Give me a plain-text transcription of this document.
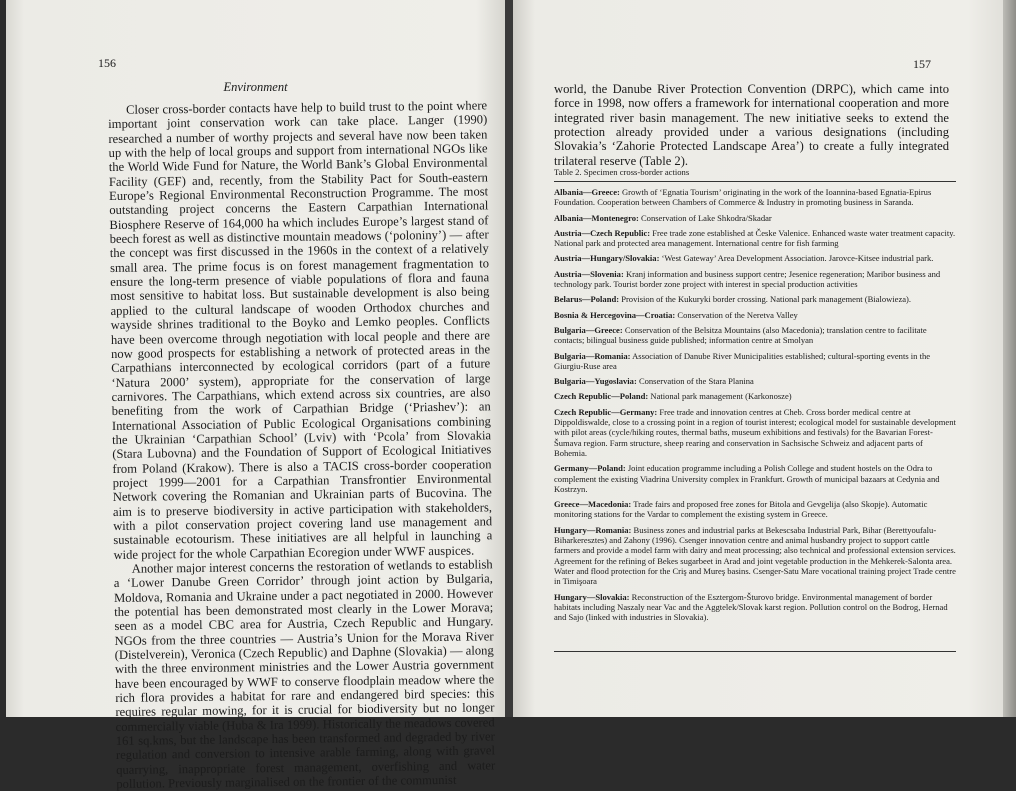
156
Environment

Closer cross-border contacts have help to build trust to the point where important joint conservation work can take place. Langer (1990) researched a number of worthy projects and several have now been taken up with the help of local groups and support from international NGOs like the World Wide Fund for Nature, the World Bank’s Global Environmental Facility (GEF) and, recently, from the Stability Pact for South-eastern Europe’s Regional Environmental Reconstruction Programme. The most outstanding project concerns the Eastern Carpathian International Biosphere Reserve of 164,000 ha which includes Europe’s largest stand of beech forest as well as distinctive mountain meadows (‘poloniny’) — after the concept was first discussed in the 1960s in the context of a relatively small area. The prime focus is on forest management fragmentation to ensure the long-term presence of viable populations of flora and fauna most sensitive to habitat loss. But sustainable development is also being applied to the cultural landscape of wooden Orthodox churches and wayside shrines traditional to the Boyko and Lemko peoples. Conflicts have been overcome through negotiation with local people and there are now good prospects for establishing a network of protected areas in the Carpathians interconnected by ecological corridors (part of a future ‘Natura 2000’ system), appropriate for the conservation of large carnivores. The Carpathians, which extend across six countries, are also benefiting from the work of Carpathian Bridge (‘Priashev’): an International Association of Public Ecological Organisations combining the Ukrainian ‘Carpathian School’ (Lviv) with ‘Pcola’ from Slovakia (Stara Lubovna) and the Foundation of Support of Ecological Initiatives from Poland (Krakow). There is also a TACIS cross-border cooperation project 1999—2001 for a Carpathian Transfrontier Environmental Network covering the Romanian and Ukrainian parts of Bucovina. The aim is to preserve biodiversity in active participation with stakeholders, with a pilot conservation project covering land use management and sustainable ecotourism. These initiatives are all helpful in launching a wide project for the whole Carpathian Ecoregion under WWF auspices.

Another major interest concerns the restoration of wetlands to establish a ‘Lower Danube Green Corridor’ through joint action by Bulgaria, Moldova, Romania and Ukraine under a pact negotiated in 2000. However the potential has been demonstrated most clearly in the Lower Morava; seen as a model CBC area for Austria, Czech Republic and Hungary. NGOs from the three countries — Austria’s Union for the Morava River (Distelverein), Veronica (Czech Republic) and Daphne (Slovakia) — along with the three environment ministries and the Lower Austria government have been encouraged by WWF to conserve floodplain meadow where the rich flora provides a habitat for rare and endangered bird species: this requires regular mowing, for it is crucial for biodiversity but no longer commercially viable (Huba & Ira 1999). Historically the meadows covered 161 sq.kms, but the landscape has been transformed and degraded by river regulation and conversion to intensive arable farming, along with gravel quarrying, inappropriate forest management, overfishing and water pollution. Previously marginalised on the frontier of the communist

157

world, the Danube River Protection Convention (DRPC), which came into force in 1998, now offers a framework for international cooperation and more integrated river basin management. The new initiative seeks to extend the protection already provided under a various designations (including Slovakia’s ‘Zahorie Protected Landscape Area’) to create a fully integrated trilateral reserve (Table 2).

Table 2. Specimen cross-border actions
Albania—Greece: Growth of ‘Egnatia Tourism’ originating in the work of the Ioannina-based Egnatia-Epirus Foundation. Cooperation between Chambers of Commerce & Industry in promoting business in Saranda.
Albania—Montenegro: Conservation of Lake Shkodra/Skadar
Austria—Czech Republic: Free trade zone established at Česke Valenice. Enhanced waste water treatment capacity. National park and protected area management. International centre for fish farming
Austria—Hungary/Slovakia: ‘West Gateway’ Area Development Association. Jarovce-Kitsee industrial park.
Austria—Slovenia: Kranj information and business support centre; Jesenice regeneration; Maribor business and technology park. Tourist border zone project with interest in special production activities
Belarus—Poland: Provision of the Kukuryki border crossing. National park management (Bialowieza).
Bosnia & Hercegovina—Croatia: Conservation of the Neretva Valley
Bulgaria—Greece: Conservation of the Belsitza Mountains (also Macedonia); translation centre to facilitate contacts; bilingual business guide published; information centre at Smolyan
Bulgaria—Romania: Association of Danube River Municipalities established; cultural-sporting events in the Giurgiu-Ruse area
Bulgaria—Yugoslavia: Conservation of the Stara Planina
Czech Republic—Poland: National park management (Karkonosze)
Czech Republic—Germany: Free trade and innovation centres at Cheb. Cross border medical centre at Dippoldiswalde, close to a crossing point in a region of tourist interest; ecological model for sustainable development with pilot areas (cycle/hiking routes, thermal baths, museum exhibitions and festivals) for the Bavarian Forest-Šumava region. Farm structure, sheep rearing and conservation in Sachsische Schweiz and adjacent parts of Bohemia.
Germany—Poland: Joint education programme including a Polish College and student hostels on the Odra to complement the existing Viadrina University complex in Frankfurt. Growth of municipal bazaars at Cedynia and Kostrzyn.
Greece—Macedonia: Trade fairs and proposed free zones for Bitola and Gevgelija (also Skopje). Automatic monitoring stations for the Vardar to complement the existing system in Greece.
Hungary—Romania: Business zones and industrial parks at Bekescsaba Industrial Park, Bihar (Berettyoufalu-Biharkeresztes) and Zahony (1996). Csenger innovation centre and animal husbandry project to support cattle farmers and provide a model farm with dairy and meat processing; also technical and professional extension services. Agreement for the refining of Bekes sugarbeet in Arad and joint vegetable production in the Mehkerek-Salonta area. Water and flood protection for the Criş and Mureş basins. Csenger-Satu Mare vocational training project Trade centre in Timişoara
Hungary—Slovakia: Reconstruction of the Esztergom-Šturovo bridge. Environmental management of border habitats including Naszaly near Vac and the Aggtelek/Slovak karst region. Pollution control on the Bodrog, Hernad and Sajo (linked with industries in Slovakia).
